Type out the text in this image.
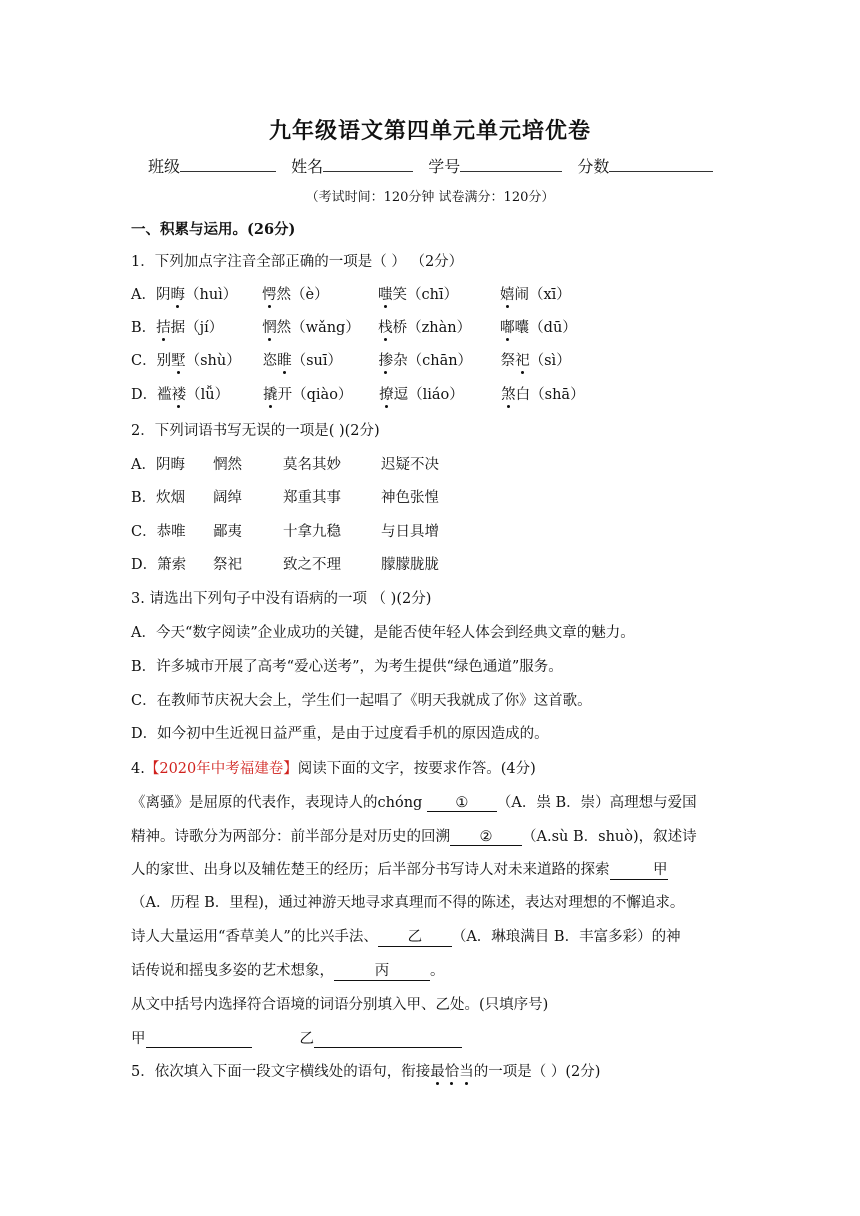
九年级语文第四单元单元培优卷
班级	姓名	学号	分数
（考试时间：120分钟 试卷满分：120分）
一、积累与运用。(26分)
1．下列加点字注音全部正确的一项是（ ） （2分）
A．阴晦（huì） 愕然（è）	嗤笑（chī）	嬉闹（xī）
B．拮据（jí）	惘然（wǎng） 栈桥（zhàn） 嘟囔（dū）
C．别墅（shù） 恣睢（suī）	掺杂（chān） 祭祀（sì）
D．褴褛（lǚ） 撬开（qiào） 撩逗（liáo）	煞白（shā）
2．下列词语书写无误的一项是( )(2分)
A．阴晦 惘然	莫名其妙	迟疑不决
B．炊烟 阔绰	郑重其事	神色张惶
C．恭唯 鄙夷	十拿九稳	与日具增
D．箫索 祭祀	致之不理	朦朦胧胧
3. 请选出下列句子中没有语病的一项 （ )(2分)
A．今天“数字阅读”企业成功的关键，是能否使年轻人体会到经典文章的魅力。
B．许多城市开展了高考“爱心送考”，为考生提供“绿色通道”服务。
C．在教师节庆祝大会上，学生们一起唱了《明天我就成了你》这首歌。
D．如今初中生近视日益严重，是由于过度看手机的原因造成的。
4.【2020年中考福建卷】阅读下面的文字，按要求作答。(4分)
《离骚》是屈原的代表作，表现诗人的chóng ① （A．祟 B．崇）高理想与爱国
精神。诗歌分为两部分：前半部分是对历史的回溯 ② （A.sù B．shuò)，叙述诗
人的家世、出身以及辅佐楚王的经历；后半部分书写诗人对未来道路的探索	甲
（A．历程 B．里程)，通过神游天地寻求真理而不得的陈述，表达对理想的不懈追求。
诗人大量运用“香草美人”的比兴手法、 乙 （A．琳琅满目 B．丰富多彩）的神
话传说和摇曳多姿的艺术想象，	丙	。
从文中括号内选择符合语境的词语分别填入甲、乙处。(只填序号)
甲	乙
5．依次填入下面一段文字横线处的语句，衔接最恰当的一项是（ ）(2分)
